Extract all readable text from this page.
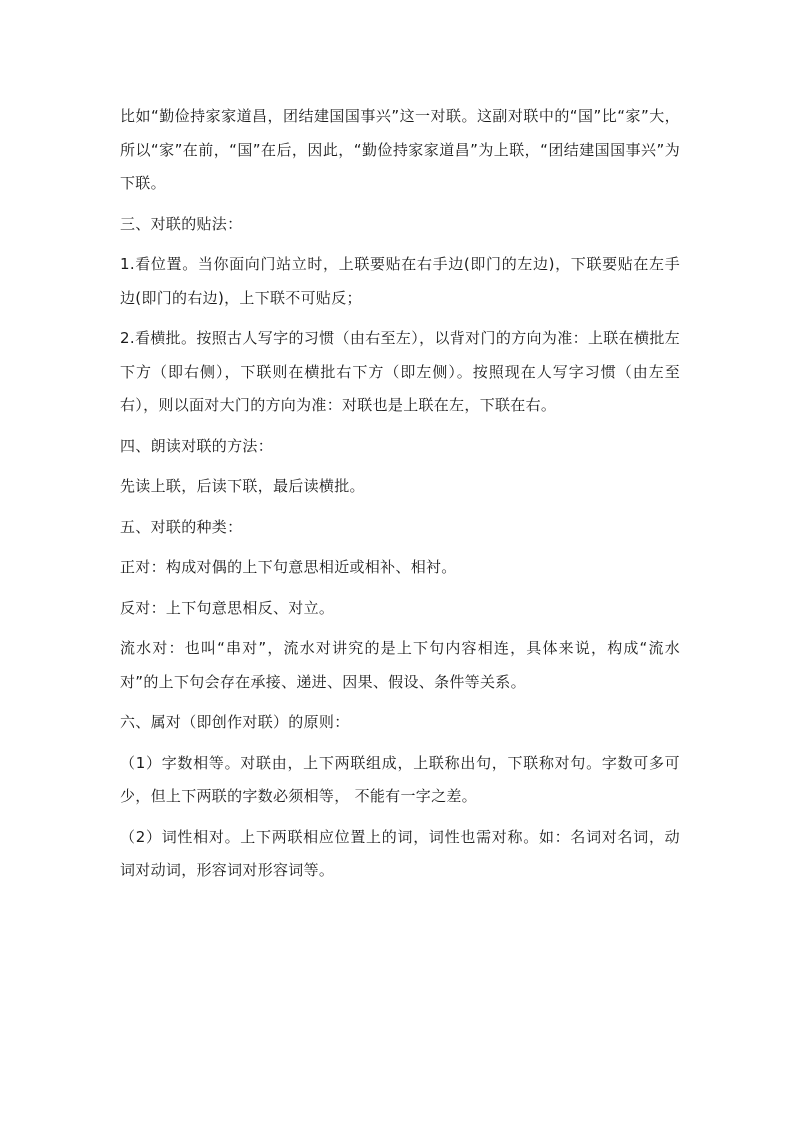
比如“勤俭持家家道昌，团结建国国事兴”这一对联。这副对联中的“国”比“家”大，所以“家”在前，“国”在后，因此，“勤俭持家家道昌”为上联，“团结建国国事兴”为下联。

三、对联的贴法：

1.看位置。当你面向门站立时，上联要贴在右手边(即门的左边)，下联要贴在左手边(即门的右边)，上下联不可贴反；

2.看横批。按照古人写字的习惯（由右至左），以背对门的方向为准：上联在横批左下方（即右侧），下联则在横批右下方（即左侧）。按照现在人写字习惯（由左至右），则以面对大门的方向为准：对联也是上联在左，下联在右。

四、朗读对联的方法：

先读上联，后读下联，最后读横批。

五、对联的种类：

正对：构成对偶的上下句意思相近或相补、相衬。

反对：上下句意思相反、对立。

流水对：也叫“串对”，流水对讲究的是上下句内容相连，具体来说，构成“流水对”的上下句会存在承接、递进、因果、假设、条件等关系。

六、属对（即创作对联）的原则：

（1）字数相等。对联由，上下两联组成，上联称出句，下联称对句。字数可多可少，但上下两联的字数必须相等， 不能有一字之差。

（2）词性相对。上下两联相应位置上的词，词性也需对称。如：名词对名词，动词对动词，形容词对形容词等。
